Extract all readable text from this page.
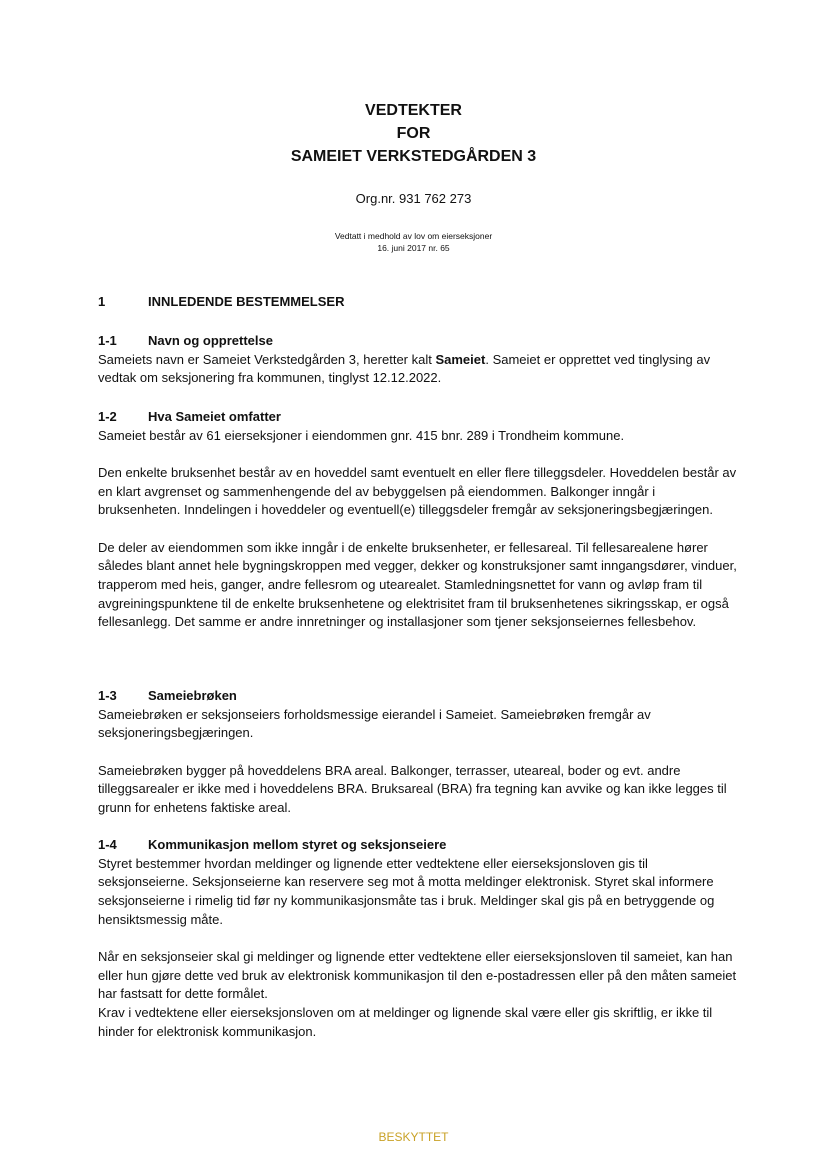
VEDTEKTER
FOR
SAMEIET VERKSTEDGÅRDEN 3
Org.nr. 931 762 273
Vedtatt i medhold av lov om eierseksjoner
16. juni 2017 nr. 65
1	INNLEDENDE BESTEMMELSER
1-1 Navn og opprettelse

Sameiets navn er Sameiet Verkstedgården 3, heretter kalt Sameiet. Sameiet er opprettet ved tinglysing av vedtak om seksjonering fra kommunen, tinglyst 12.12.2022.

1-2 Hva Sameiet omfatter

Sameiet består av 61 eierseksjoner i eiendommen gnr. 415 bnr. 289 i Trondheim kommune.

Den enkelte bruksenhet består av en hoveddel samt eventuelt en eller flere tilleggsdeler. Hoveddelen består av en klart avgrenset og sammenhengende del av bebyggelsen på eiendommen. Balkonger inngår i bruksenheten. Inndelingen i hoveddeler og eventuell(e) tilleggsdeler fremgår av seksjoneringsbegjæringen.

De deler av eiendommen som ikke inngår i de enkelte bruksenheter, er fellesareal. Til fellesarealene hører således blant annet hele bygningskroppen med vegger, dekker og konstruksjoner samt inngangsdører, vinduer, trapperom med heis, ganger, andre fellesrom og utearealet. Stamledningsnettet for vann og avløp fram til avgreiningspunktene til de enkelte bruksenhetene og elektrisitet fram til bruksenhetenes sikringsskap, er også fellesanlegg. Det samme er andre innretninger og installasjoner som tjener seksjonseiernes fellesbehov.

1-3 Sameiebrøken

Sameiebrøken er seksjonseiers forholdsmessige eierandel i Sameiet. Sameiebrøken fremgår av seksjoneringsbegjæringen.

Sameiebrøken bygger på hoveddelens BRA areal. Balkonger, terrasser, uteareal, boder og evt. andre tilleggsarealer er ikke med i hoveddelens BRA. Bruksareal (BRA) fra tegning kan avvike og kan ikke legges til grunn for enhetens faktiske areal.

1-4 Kommunikasjon mellom styret og seksjonseiere

Styret bestemmer hvordan meldinger og lignende etter vedtektene eller eierseksjonsloven gis til seksjonseierne. Seksjonseierne kan reservere seg mot å motta meldinger elektronisk. Styret skal informere seksjonseierne i rimelig tid før ny kommunikasjonsmåte tas i bruk. Meldinger skal gis på en betryggende og hensiktsmessig måte.

Når en seksjonseier skal gi meldinger og lignende etter vedtektene eller eierseksjonsloven til sameiet, kan han eller hun gjøre dette ved bruk av elektronisk kommunikasjon til den e-postadressen eller på den måten sameiet har fastsatt for dette formålet.

Krav i vedtektene eller eierseksjonsloven om at meldinger og lignende skal være eller gis skriftlig, er ikke til hinder for elektronisk kommunikasjon.

BESKYTTET
